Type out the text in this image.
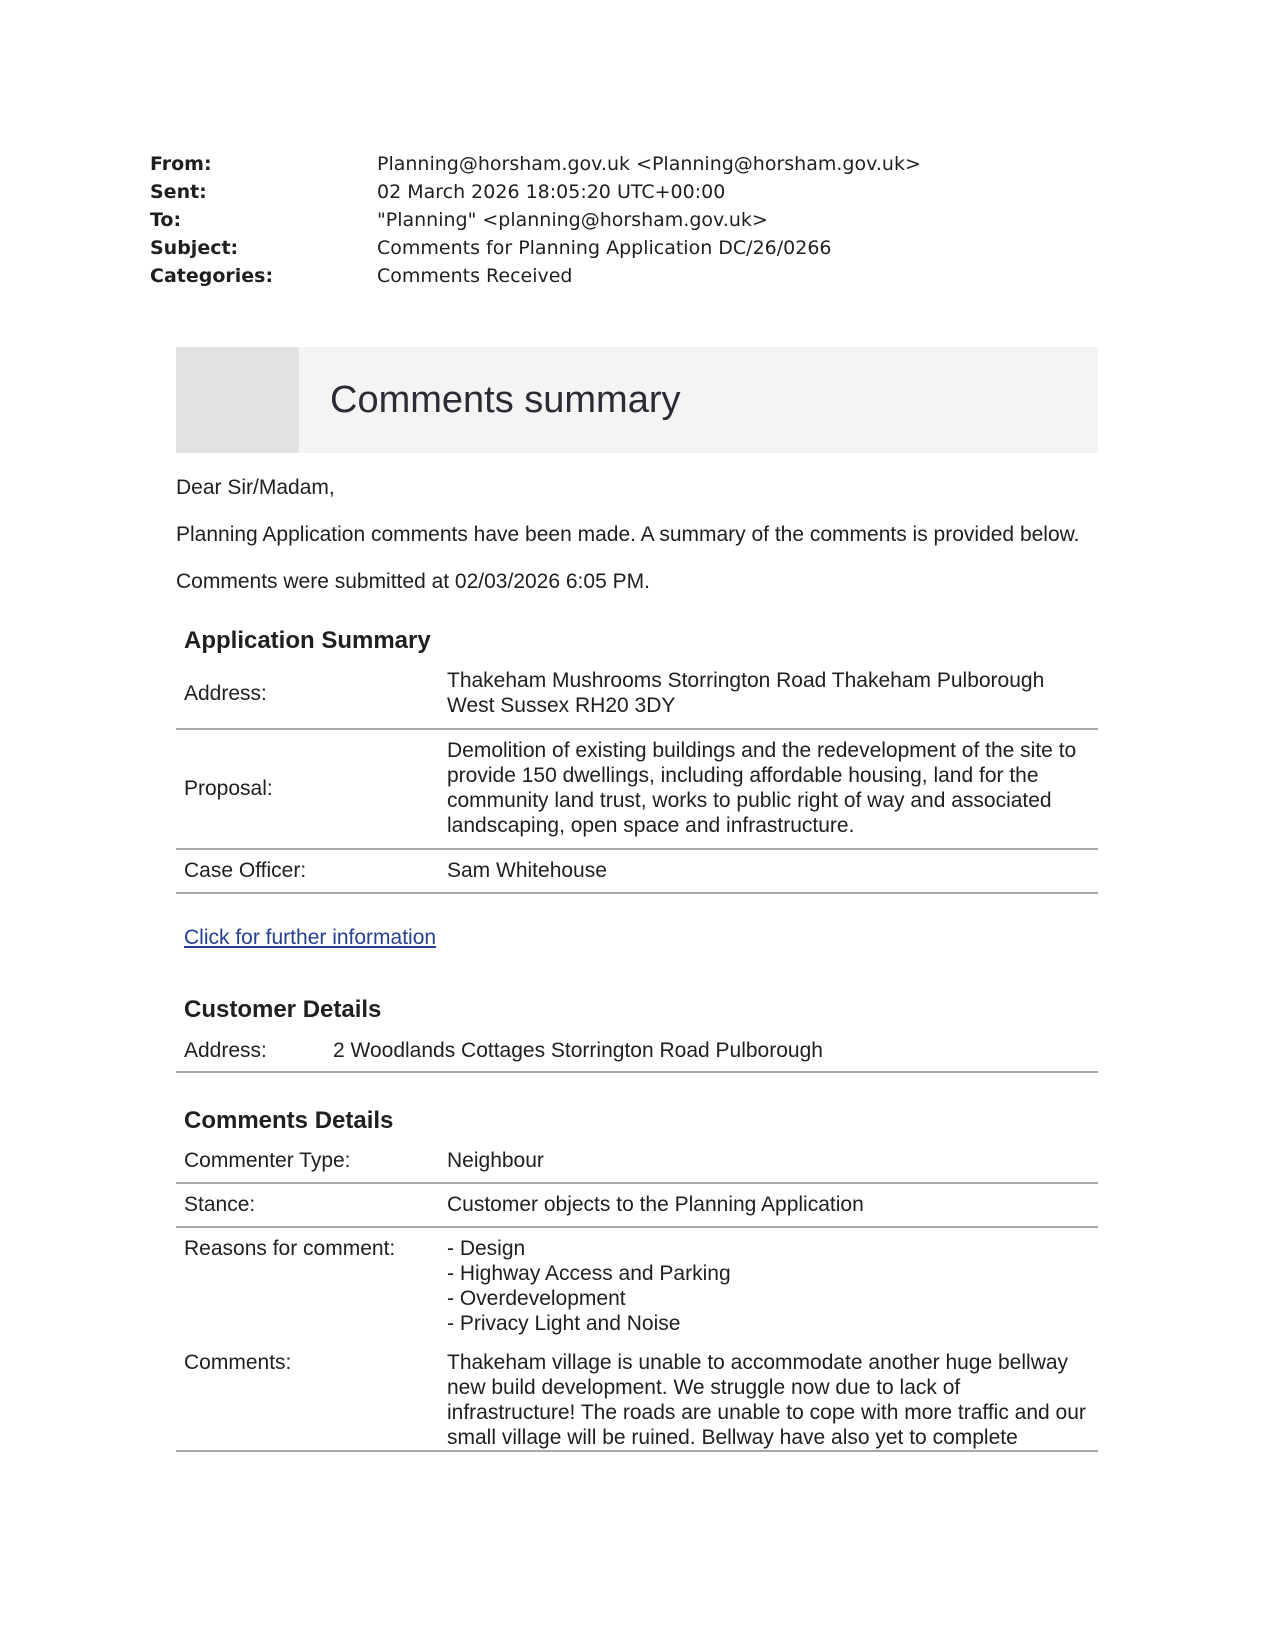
From:	Planning@horsham.gov.uk <Planning@horsham.gov.uk>
Sent:	02 March 2026 18:05:20 UTC+00:00
To:	"Planning" <planning@horsham.gov.uk>
Subject:	Comments for Planning Application DC/26/0266
Categories:	Comments Received
Comments summary

Dear Sir/Madam,

Planning Application comments have been made. A summary of the comments is provided below.

Comments were submitted at 02/03/2026 6:05 PM.

Application Summary
Address:	Thakeham Mushrooms Storrington Road Thakeham Pulborough West Sussex RH20 3DY
Proposal:	Demolition of existing buildings and the redevelopment of the site to provide 150 dwellings, including affordable housing, land for the community land trust, works to public right of way and associated landscaping, open space and infrastructure.
Case Officer:	Sam Whitehouse
Click for further information
Customer Details
Address:	2 Woodlands Cottages Storrington Road Pulborough
Comments Details
Commenter Type:	Neighbour
Stance:	Customer objects to the Planning Application
Reasons for comment:	- Design
- Highway Access and Parking
- Overdevelopment
- Privacy Light and Noise

Comments:	Thakeham village is unable to accommodate another huge bellway new build development. We struggle now due to lack of infrastructure! The roads are unable to cope with more traffic and our small village will be ruined. Bellway have also yet to complete
